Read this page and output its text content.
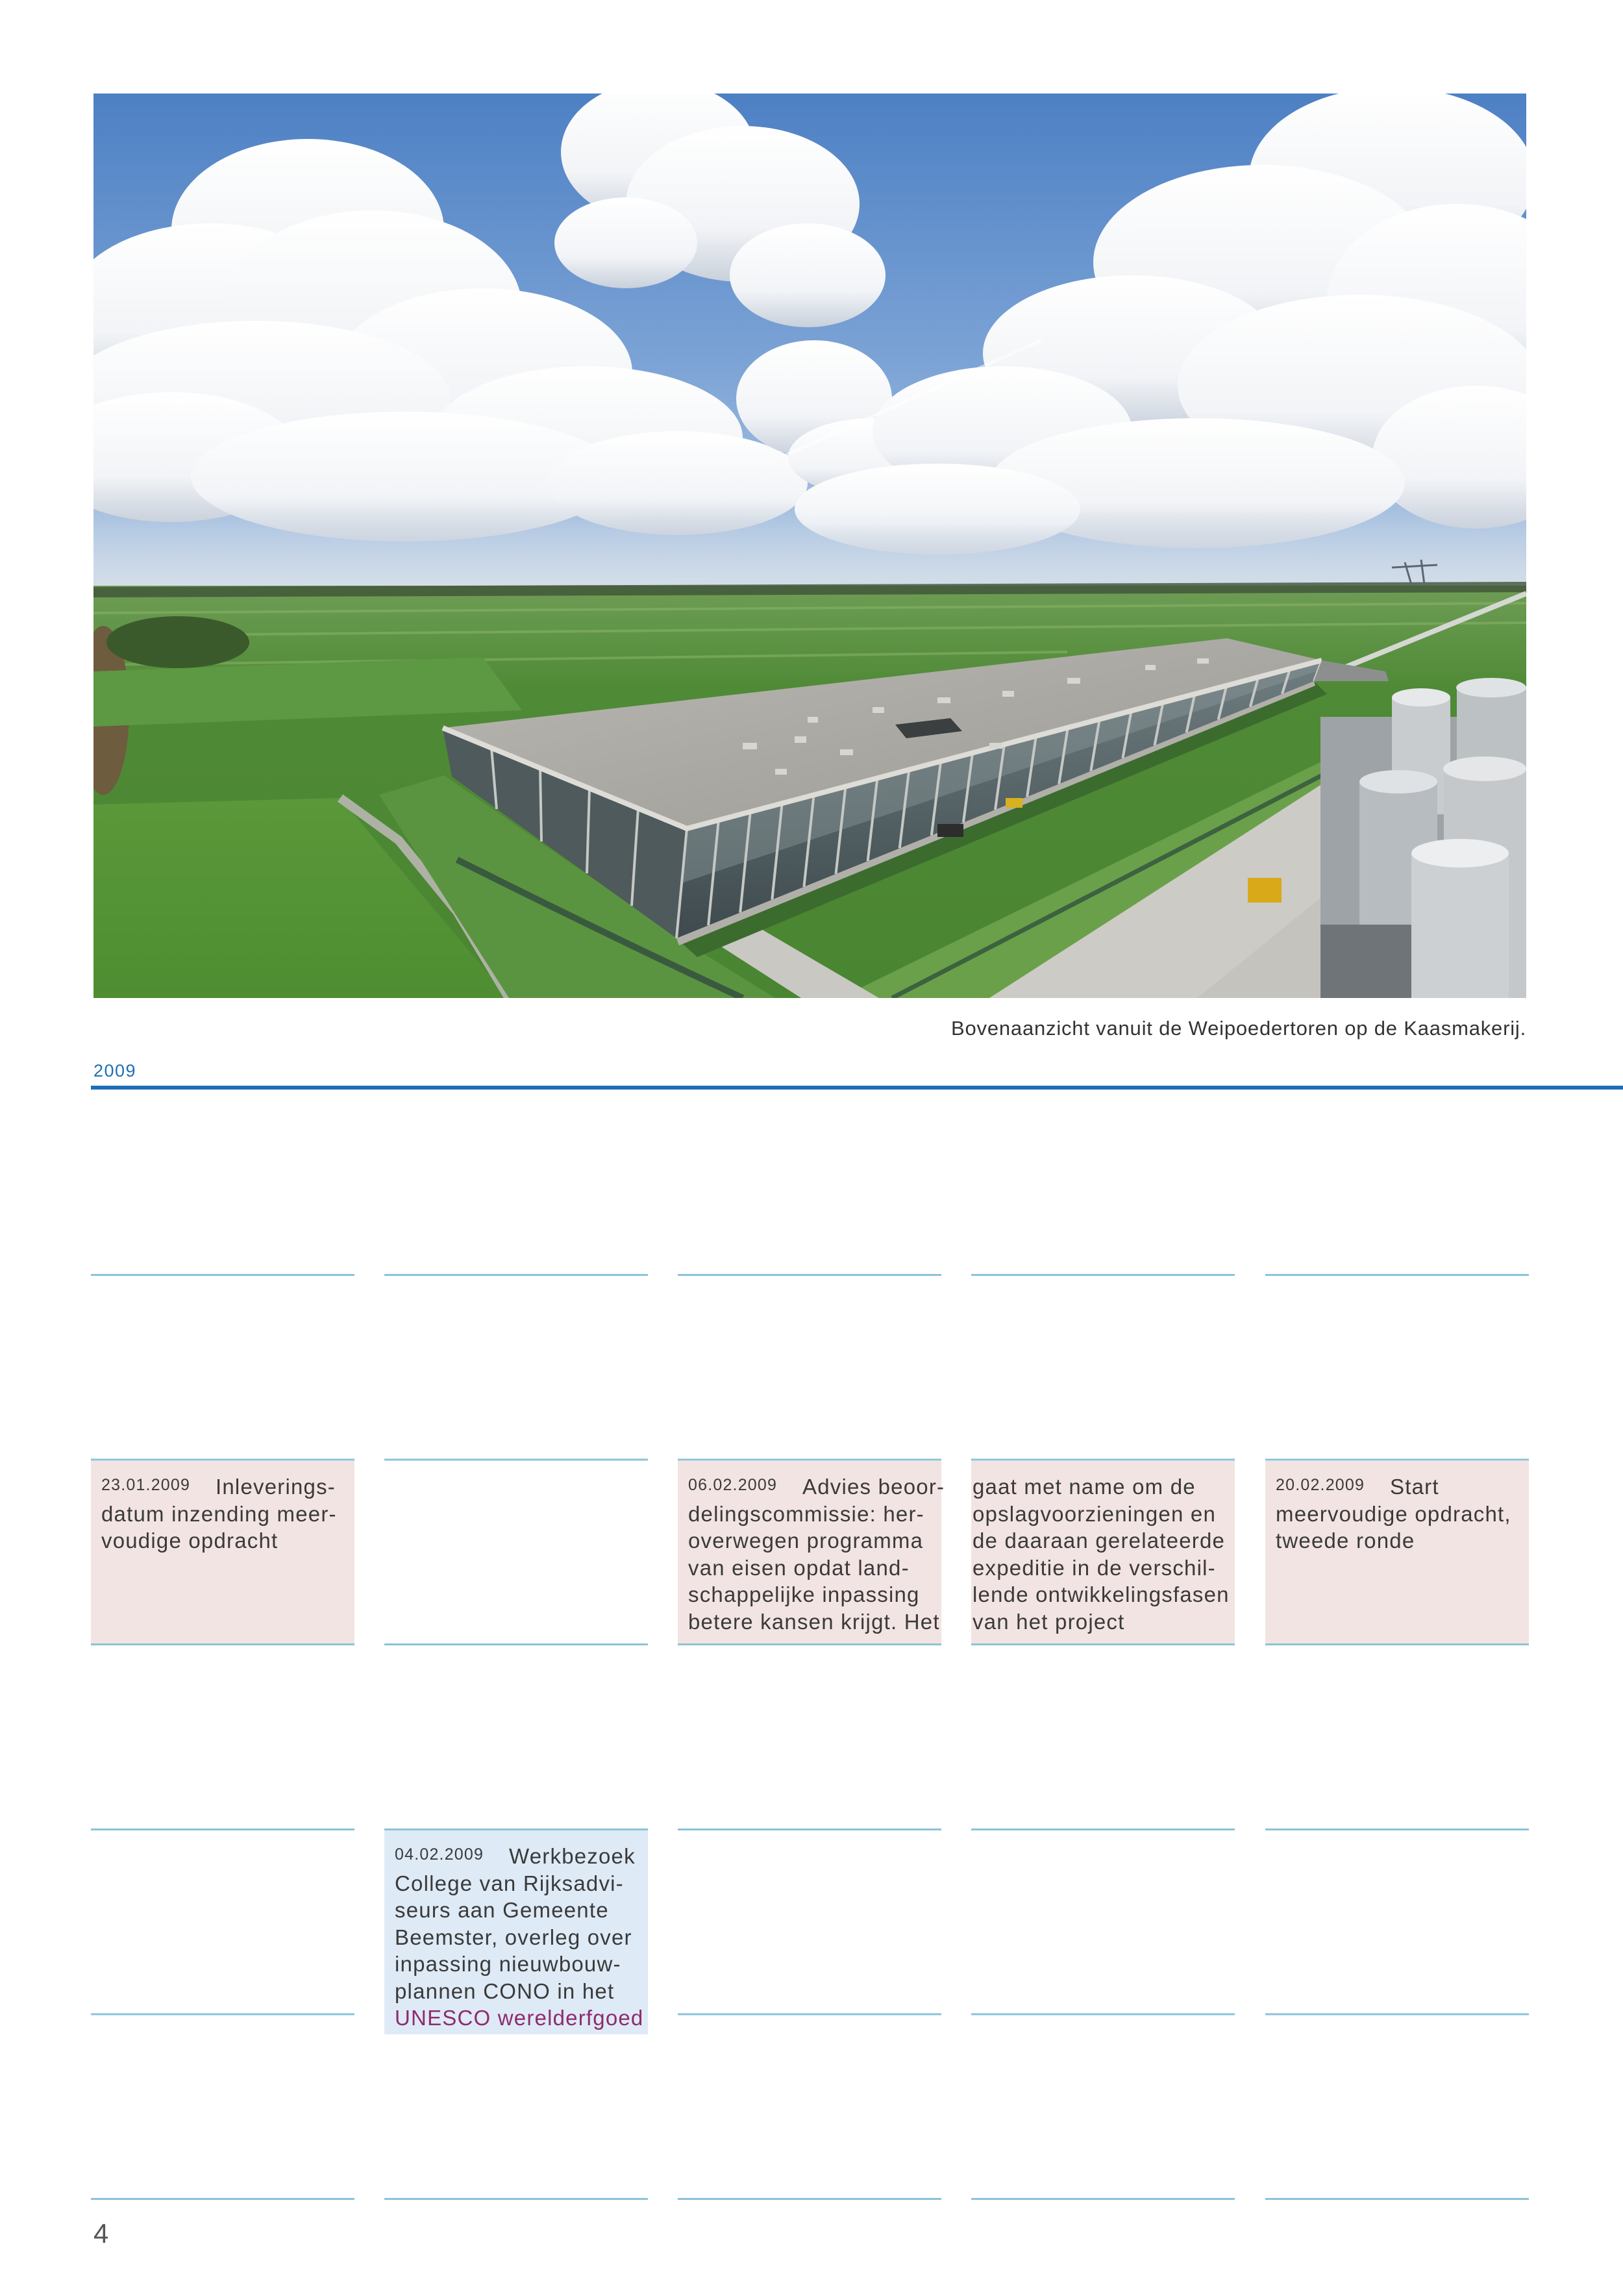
Bovenaanzicht vanuit de Weipoedertoren op de Kaasmakerij.
2009
23.01.2009 Inleverings-
datum inzending meer-
voudige opdracht
04.02.2009 Werkbezoek
College van Rijksadvi-
seurs aan Gemeente
Beemster, overleg over
inpassing nieuwbouw-
plannen CONO in het
UNESCO werelderfgoed
06.02.2009 Advies beoor-
delingscommissie: her-
overwegen programma
van eisen opdat land-
schappelijke inpassing
betere kansen krijgt. Het
gaat met name om de
opslagvoorzieningen en
de daaraan gerelateerde
expeditie in de verschil-
lende ontwikkelingsfasen
van het project
20.02.2009 Start
meervoudige opdracht,
tweede ronde
4
